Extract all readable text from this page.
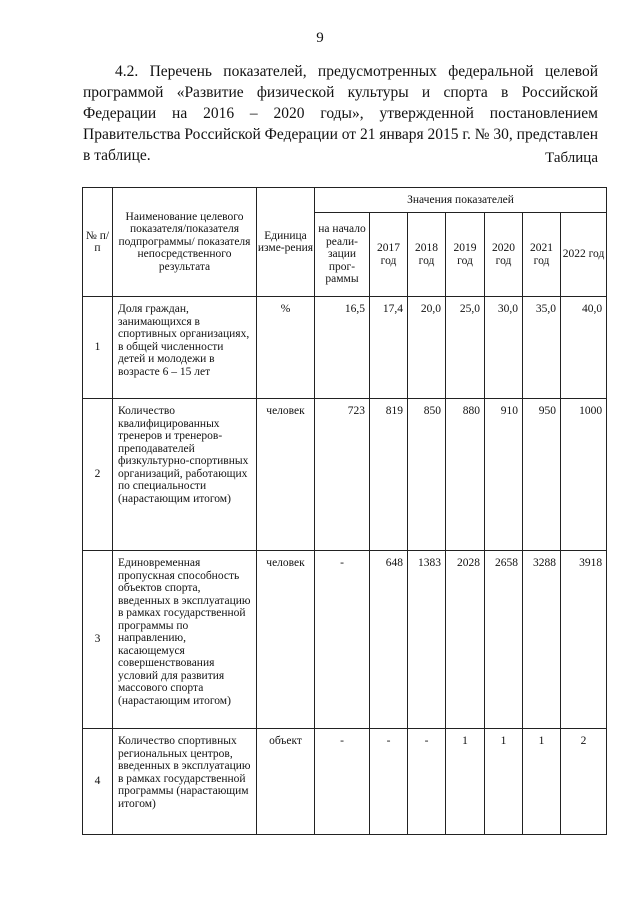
9

4.2. Перечень показателей, предусмотренных федеральной целевой программой «Развитие физической культуры и спорта в Российской Федерации на 2016 – 2020 годы», утвержденной постановлением Правительства Российской Федерации от 21 января 2015 г. № 30, представлен в таблице.	Таблица
№ п/п	Наименование целевого показателя/показателя подпрограммы/ показателя непосредственного результата	Единица изме-рения	Значения показателей						
			на начало реали-зации прог-раммы	2017 год	2018 год	2019 год	2020 год	2021 год	2022 год
1	Доля граждан, занимающихся в спортивных организациях, в общей численности детей и молодежи в возрасте 6 – 15 лет	%	16,5	17,4	20,0	25,0	30,0	35,0	40,0
2	Количество квалифицированных тренеров и тренеров-преподавателей физкультурно-спортивных организаций, работающих по специальности (нарастающим итогом)	человек	723	819	850	880	910	950	1000
3	Единовременная пропускная способность объектов спорта, введенных в эксплуатацию в рамках государственной программы по направлению, касающемуся совершенствования условий для развития массового спорта (нарастающим итогом)	человек	-	648	1383	2028	2658	3288	3918
4	Количество спортивных региональных центров, введенных в эксплуатацию в рамках государственной программы (нарастающим итогом)	объект	-	-	-	1	1	1	2
